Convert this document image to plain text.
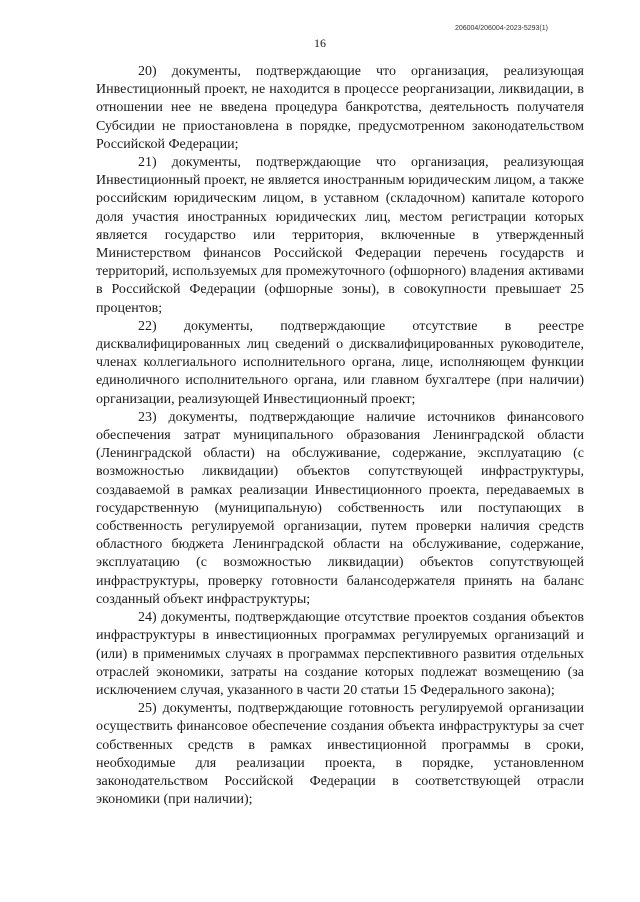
16
206004/206004-2023-5293(1)

20) документы, подтверждающие что организация, реализующая Инвестиционный проект, не находится в процессе реорганизации, ликвидации, в отношении нее не введена процедура банкротства, деятельность получателя Субсидии не приостановлена в порядке, предусмотренном законодательством Российской Федерации;

21) документы, подтверждающие что организация, реализующая Инвестиционный проект, не является иностранным юридическим лицом, а также российским юридическим лицом, в уставном (складочном) капитале которого доля участия иностранных юридических лиц, местом регистрации которых является государство или территория, включенные в утвержденный Министерством финансов Российской Федерации перечень государств и территорий, используемых для промежуточного (офшорного) владения активами в Российской Федерации (офшорные зоны), в совокупности превышает 25 процентов;

22) документы, подтверждающие отсутствие в реестре дисквалифицированных лиц сведений о дисквалифицированных руководителе, членах коллегиального исполнительного органа, лице, исполняющем функции единоличного исполнительного органа, или главном бухгалтере (при наличии) организации, реализующей Инвестиционный проект;

23) документы, подтверждающие наличие источников финансового обеспечения затрат муниципального образования Ленинградской области (Ленинградской области) на обслуживание, содержание, эксплуатацию (с возможностью ликвидации) объектов сопутствующей инфраструктуры, создаваемой в рамках реализации Инвестиционного проекта, передаваемых в государственную (муниципальную) собственность или поступающих в собственность регулируемой организации, путем проверки наличия средств областного бюджета Ленинградской области на обслуживание, содержание, эксплуатацию (с возможностью ликвидации) объектов сопутствующей инфраструктуры, проверку готовности балансодержателя принять на баланс созданный объект инфраструктуры;

24) документы, подтверждающие отсутствие проектов создания объектов инфраструктуры в инвестиционных программах регулируемых организаций и (или) в применимых случаях в программах перспективного развития отдельных отраслей экономики, затраты на создание которых подлежат возмещению (за исключением случая, указанного в части 20 статьи 15 Федерального закона);

25) документы, подтверждающие готовность регулируемой организации осуществить финансовое обеспечение создания объекта инфраструктуры за счет собственных средств в рамках инвестиционной программы в сроки, необходимые для реализации проекта, в порядке, установленном законодательством Российской Федерации в соответствующей отрасли экономики (при наличии);
